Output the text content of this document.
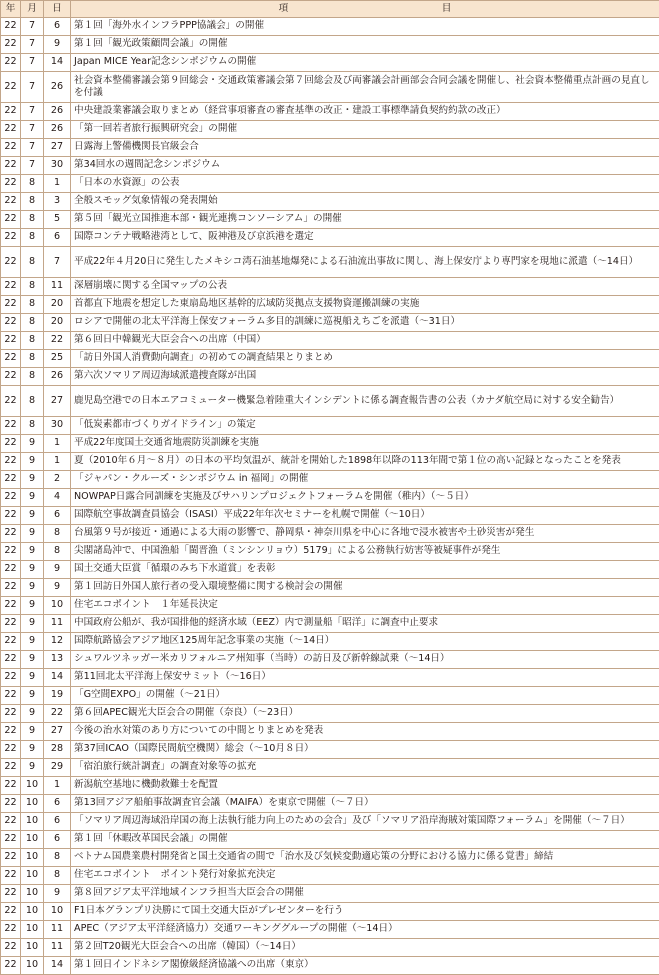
年	月	日	項　　　　　　　　　　　　　　　　目
22	7	6	第１回「海外水インフラPPP協議会」の開催
22	7	9	第１回「観光政策顧問会議」の開催
22	7	14	Japan MICE Year記念シンポジウムの開催
22	7	26	社会資本整備審議会第９回総会・交通政策審議会第７回総会及び両審議会計画部会合同会議を開催し、社会資本整備重点計画の見直しを付議
22	7	26	中央建設業審議会取りまとめ（経営事項審査の審査基準の改正・建設工事標準請負契約約款の改正）
22	7	26	「第一回若者旅行振興研究会」の開催
22	7	27	日露海上警備機関長官級会合
22	7	30	第34回水の週間記念シンポジウム
22	8	1	「日本の水資源」の公表
22	8	3	全般スモッグ気象情報の発表開始
22	8	5	第５回「観光立国推進本部・観光連携コンソーシアム」の開催
22	8	6	国際コンテナ戦略港湾として、阪神港及び京浜港を選定
22	8	7	平成22年４月20日に発生したメキシコ湾石油基地爆発による石油流出事故に関し、海上保安庁より専門家を現地に派遣（～14日）
22	8	11	深層崩壊に関する全国マップの公表
22	8	20	首都直下地震を想定した東扇島地区基幹的広域防災拠点支援物資運搬訓練の実施
22	8	20	ロシアで開催の北太平洋海上保安フォーラム多目的訓練に巡視船えちごを派遣（～31日）
22	8	22	第６回日中韓観光大臣会合への出席（中国）
22	8	25	「訪日外国人消費動向調査」の初めての調査結果とりまとめ
22	8	26	第六次ソマリア周辺海域派遣捜査隊が出国
22	8	27	鹿児島空港での日本エアコミューター機緊急着陸重大インシデントに係る調査報告書の公表（カナダ航空局に対する安全勧告）
22	8	30	「低炭素都市づくりガイドライン」の策定
22	9	1	平成22年度国土交通省地震防災訓練を実施
22	9	1	夏（2010年６月～８月）の日本の平均気温が、統計を開始した1898年以降の113年間で第１位の高い記録となったことを発表
22	9	2	「ジャパン・クルーズ・シンポジウム in 福岡」の開催
22	9	4	NOWPAP日露合同訓練を実施及びサハリンプロジェクトフォーラムを開催（稚内）（～５日）
22	9	6	国際航空事故調査員協会（ISASI）平成22年年次セミナーを札幌で開催（～10日）
22	9	8	台風第９号が接近・通過による大雨の影響で、静岡県・神奈川県を中心に各地で浸水被害や土砂災害が発生
22	9	8	尖閣諸島沖で、中国漁船「閩晋漁（ミンシンリョウ）5179」による公務執行妨害等被疑事件が発生
22	9	9	国土交通大臣賞「循環のみち下水道賞」を表彰
22	9	9	第１回訪日外国人旅行者の受入環境整備に関する検討会の開催
22	9	10	住宅エコポイント　１年延長決定
22	9	11	中国政府公船が、我が国排他的経済水域（EEZ）内で測量船「昭洋」に調査中止要求
22	9	12	国際航路協会アジア地区125周年記念事業の実施（～14日）
22	9	13	シュワルツネッガー米カリフォルニア州知事（当時）の訪日及び新幹線試乗（～14日）
22	9	14	第11回北太平洋海上保安サミット（～16日）
22	9	19	「G空間EXPO」の開催（～21日）
22	9	22	第６回APEC観光大臣会合の開催（奈良）（～23日）
22	9	27	今後の治水対策のあり方についての中間とりまとめを発表
22	9	28	第37回ICAO（国際民間航空機関）総会（～10月８日）
22	9	29	「宿泊旅行統計調査」の調査対象等の拡充
22	10	1	新潟航空基地に機動救難士を配置
22	10	6	第13回アジア船舶事故調査官会議（MAIFA）を東京で開催（～７日）
22	10	6	「ソマリア周辺海域沿岸国の海上法執行能力向上のための会合」及び「ソマリア沿岸海賊対策国際フォーラム」を開催（～７日）
22	10	6	第１回「休暇改革国民会議」の開催
22	10	8	ベトナム国農業農村開発省と国土交通省の間で「治水及び気候変動適応策の分野における協力に係る覚書」締結
22	10	8	住宅エコポイント　ポイント発行対象拡充決定
22	10	9	第８回アジア太平洋地域インフラ担当大臣会合の開催
22	10	10	F1日本グランプリ決勝にて国土交通大臣がプレゼンターを行う
22	10	11	APEC（アジア太平洋経済協力）交通ワーキンググループの開催（～14日）
22	10	11	第２回T20観光大臣会合への出席（韓国）（～14日）
22	10	14	第１回日インドネシア閣僚級経済協議への出席（東京）
